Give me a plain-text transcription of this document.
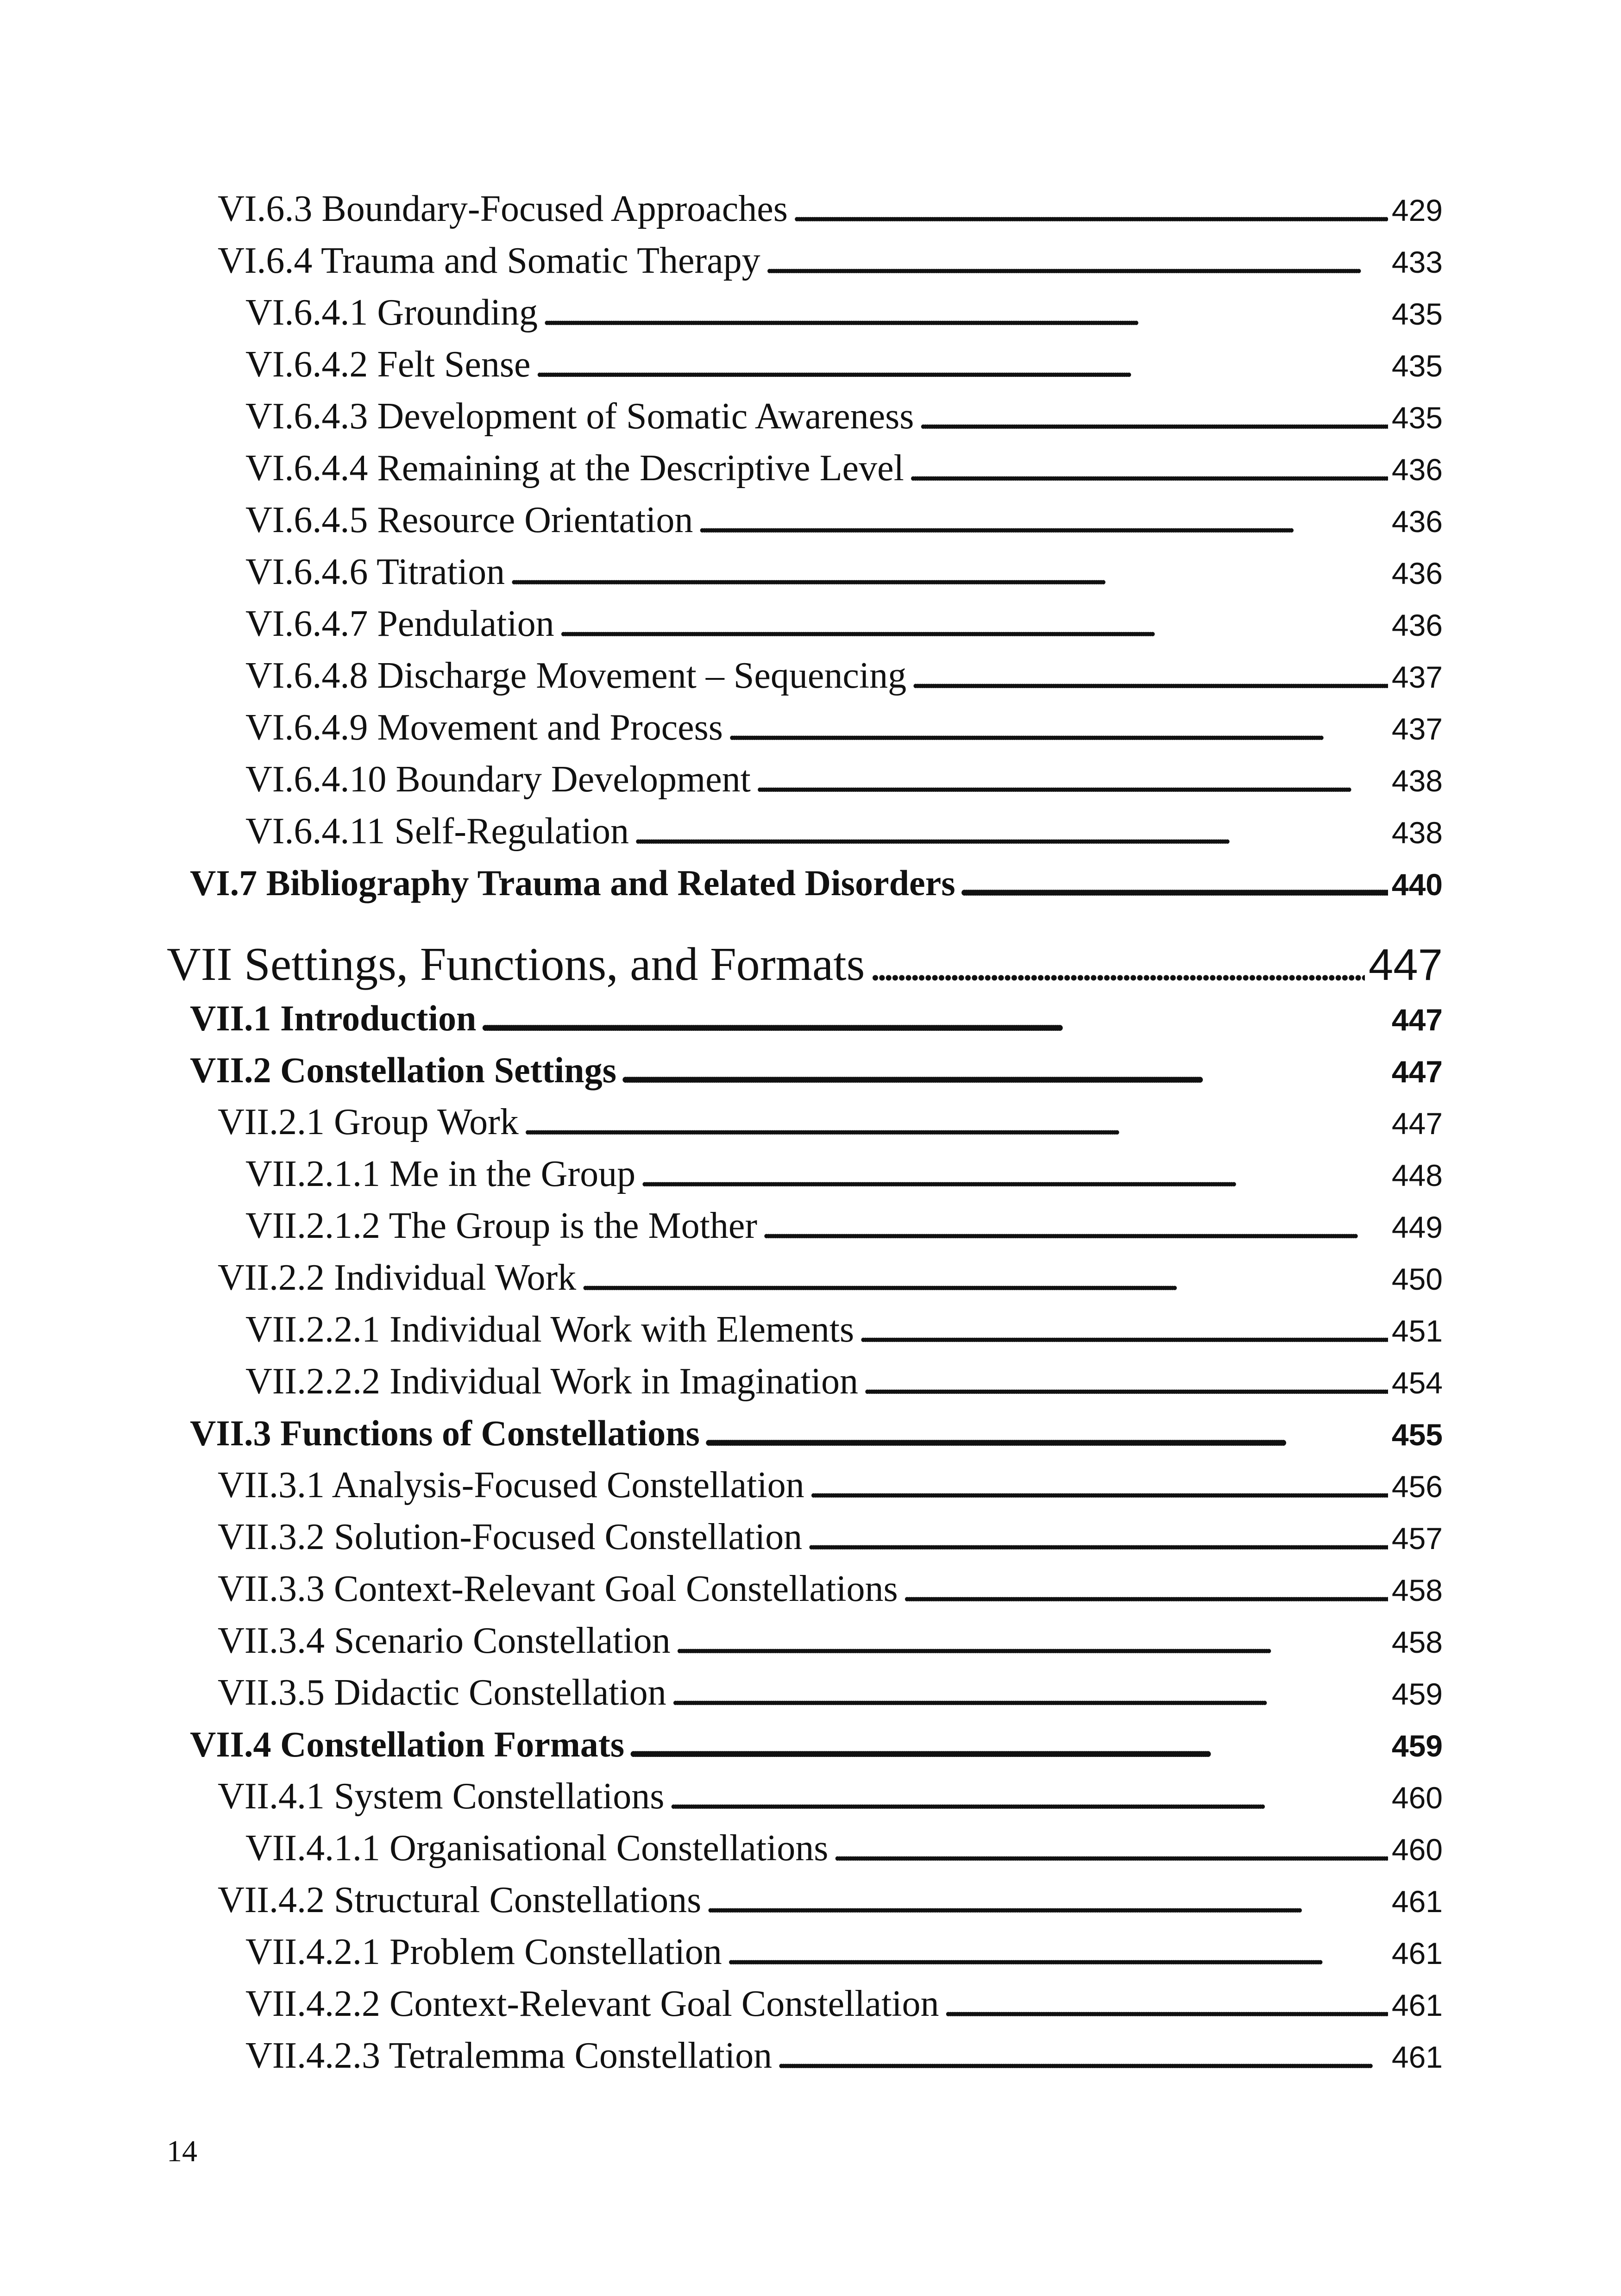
VI.6.3 Boundary-Focused Approaches . . .	429
VI.6.4 Trauma and Somatic Therapy . . .	433
VI.6.4.1 Grounding . . .	435
VI.6.4.2 Felt Sense . . .	435
VI.6.4.3 Development of Somatic Awareness . . .	435
VI.6.4.4 Remaining at the Descriptive Level . . .	436
VI.6.4.5 Resource Orientation . . .	436
VI.6.4.6 Titration . . .	436
VI.6.4.7 Pendulation . . .	436
VI.6.4.8 Discharge Movement – Sequencing . . .	437
VI.6.4.9 Movement and Process . . .	437
VI.6.4.10 Boundary Development . . .	438
VI.6.4.11 Self-Regulation . . .	438
VI.7 Bibliography Trauma and Related Disorders . . .	440
VII Settings, Functions, and Formats . . .	447
VII.1 Introduction . . .	447
VII.2 Constellation Settings . . .	447
VII.2.1 Group Work . . .	447
VII.2.1.1 Me in the Group . . .	448
VII.2.1.2 The Group is the Mother . . .	449
VII.2.2 Individual Work . . .	450
VII.2.2.1 Individual Work with Elements . . .	451
VII.2.2.2 Individual Work in Imagination . . .	454
VII.3 Functions of Constellations . . .	455
VII.3.1 Analysis-Focused Constellation . . .	456
VII.3.2 Solution-Focused Constellation . . .	457
VII.3.3 Context-Relevant Goal Constellations . . .	458
VII.3.4 Scenario Constellation . . .	458
VII.3.5 Didactic Constellation . . .	459
VII.4 Constellation Formats . . .	459
VII.4.1 System Constellations . . .	460
VII.4.1.1 Organisational Constellations . . .	460
VII.4.2 Structural Constellations . . .	461
VII.4.2.1 Problem Constellation . . .	461
VII.4.2.2 Context-Relevant Goal Constellation . . .	461
VII.4.2.3 Tetralemma Constellation . . .	461
14
